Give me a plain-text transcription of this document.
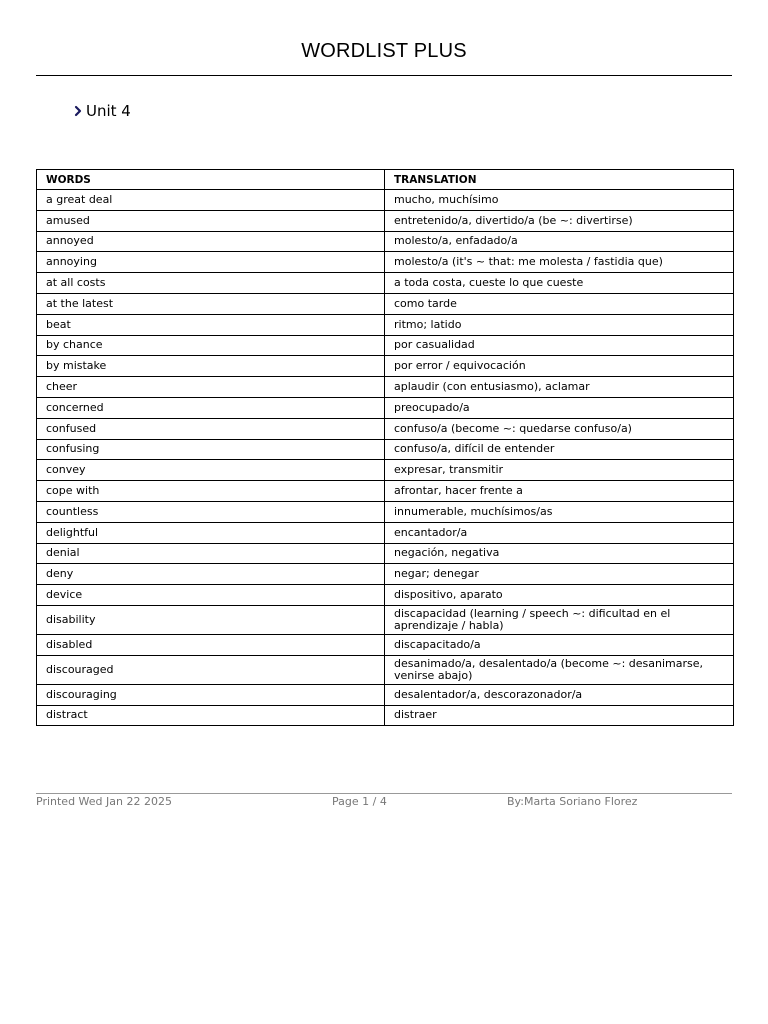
WORDLIST PLUS
Unit 4
WORDS	TRANSLATION
a great deal	mucho, muchísimo
amused	entretenido/a, divertido/a (be ~: divertirse)
annoyed	molesto/a, enfadado/a
annoying	molesto/a (it's ~ that: me molesta / fastidia que)
at all costs	a toda costa, cueste lo que cueste
at the latest	como tarde
beat	ritmo; latido
by chance	por casualidad
by mistake	por error / equivocación
cheer	aplaudir (con entusiasmo), aclamar
concerned	preocupado/a
confused	confuso/a (become ~: quedarse confuso/a)
confusing	confuso/a, difícil de entender
convey	expresar, transmitir
cope with	afrontar, hacer frente a
countless	innumerable, muchísimos/as
delightful	encantador/a
denial	negación, negativa
deny	negar; denegar
device	dispositivo, aparato
disability	discapacidad (learning / speech ~: dificultad en el aprendizaje / habla)
disabled	discapacitado/a
discouraged	desanimado/a, desalentado/a (become ~: desanimarse, venirse abajo)
discouraging	desalentador/a, descorazonador/a
distract	distraer
Printed Wed Jan 22 2025	Page 1 / 4	By:Marta Soriano Florez
